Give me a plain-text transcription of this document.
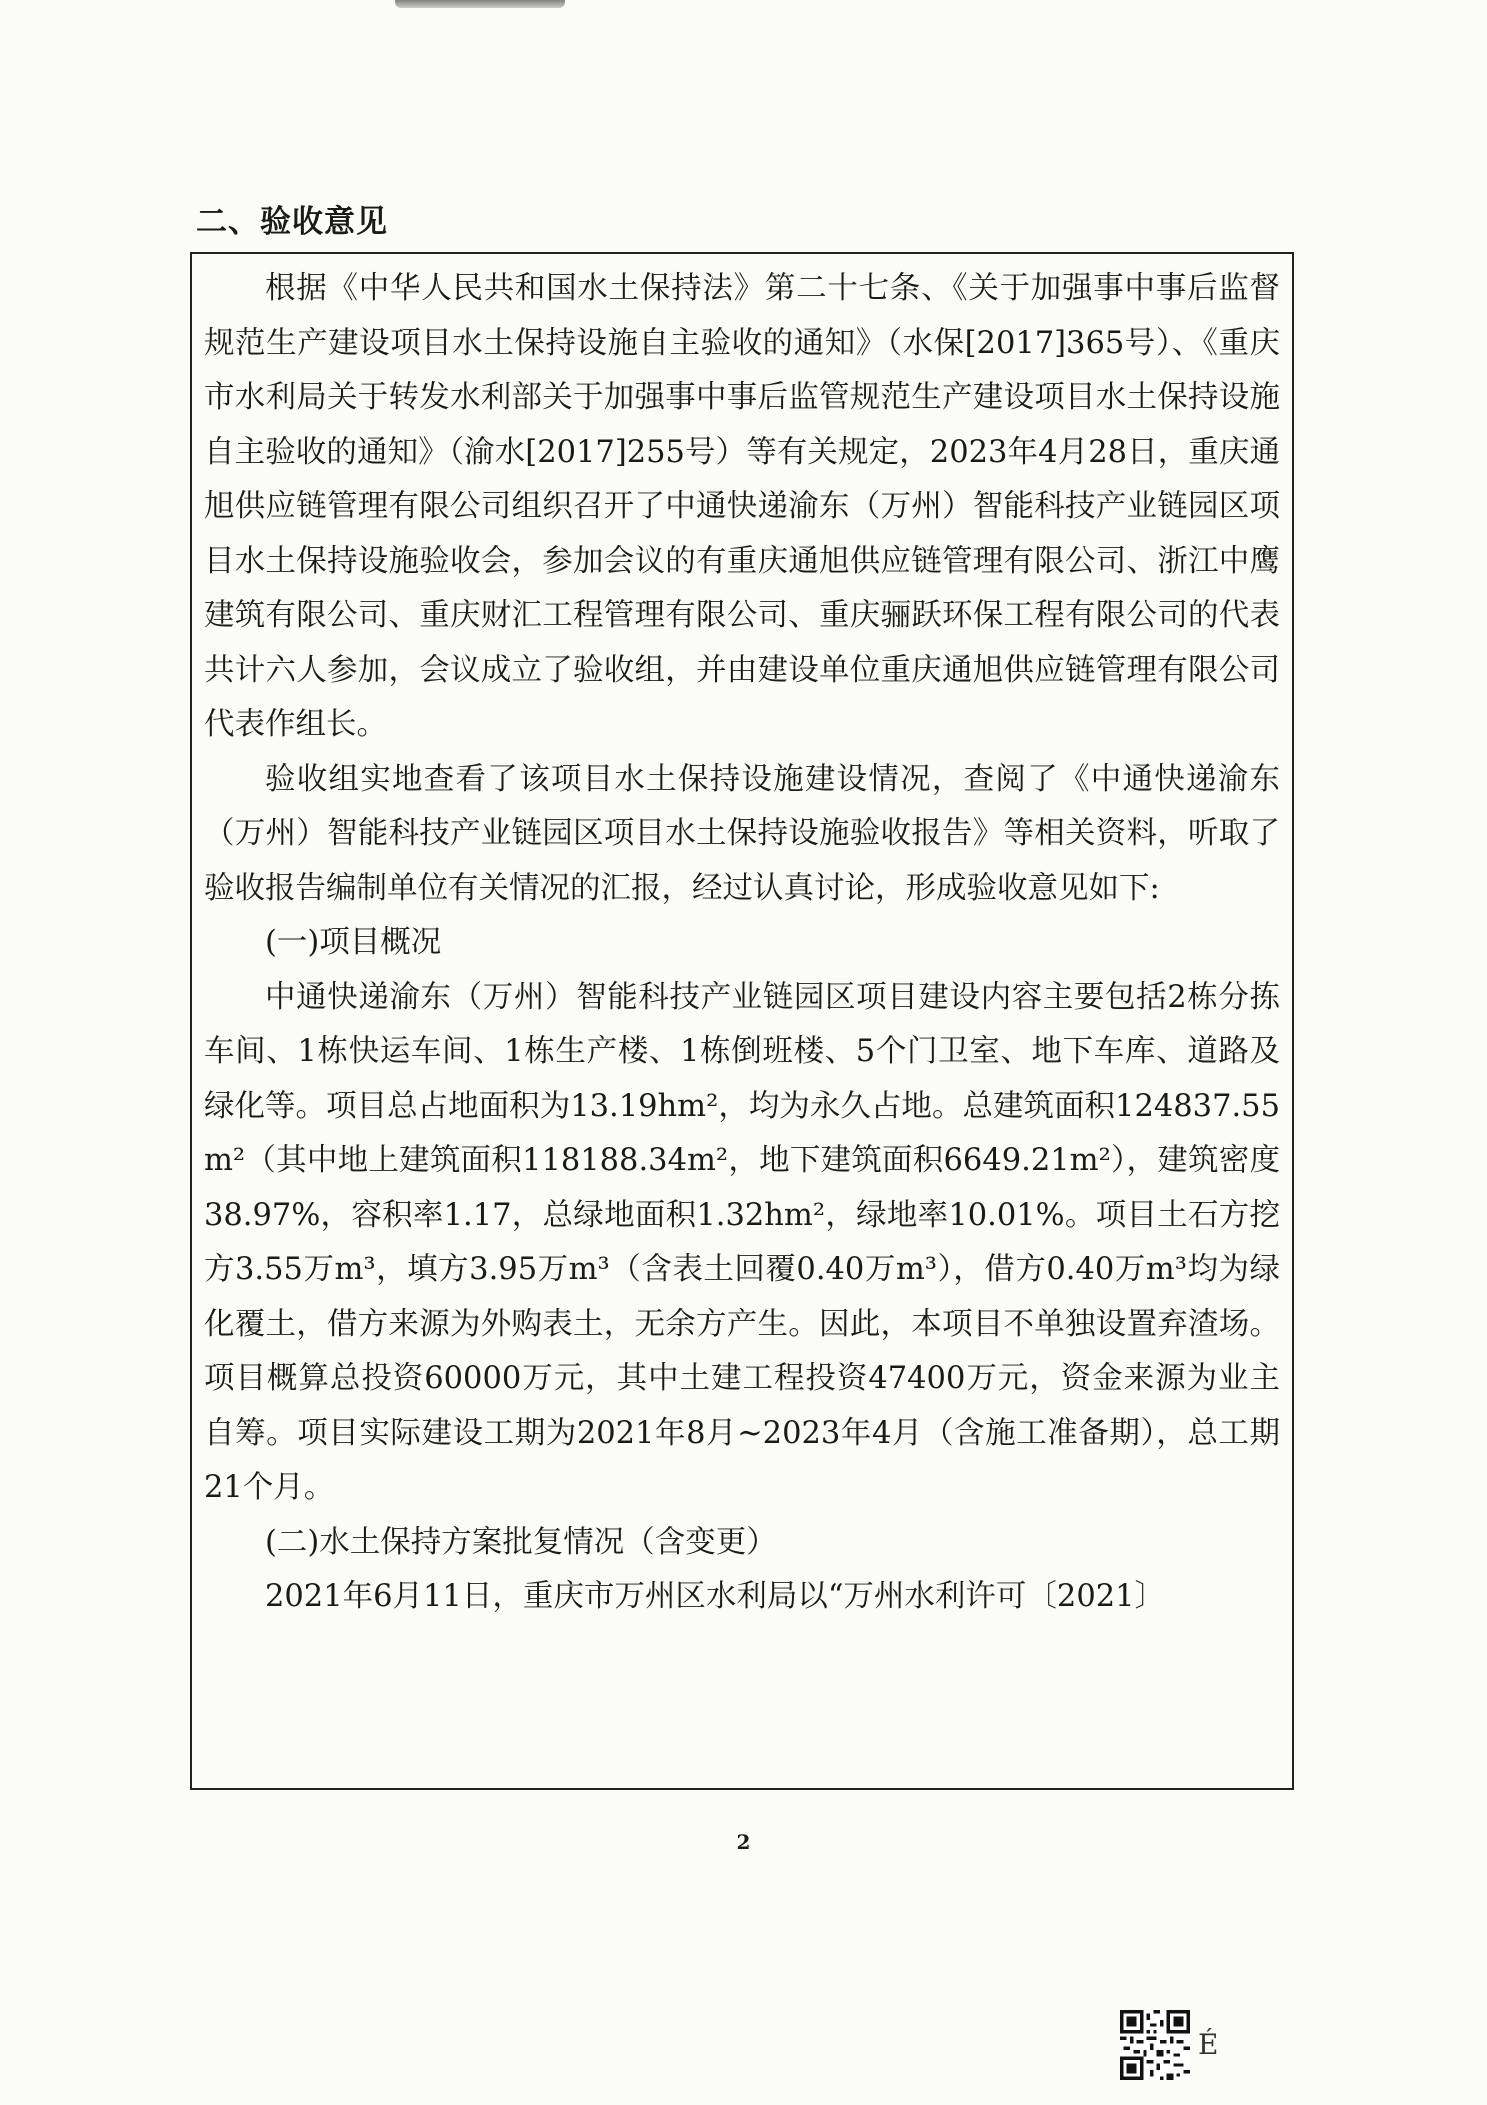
二、验收意见

根据《中华人民共和国水土保持法》第二十七条、《关于加强事中事后监督规范生产建设项目水土保持设施自主验收的通知》（水保[2017]365号）、《重庆市水利局关于转发水利部关于加强事中事后监管规范生产建设项目水土保持设施自主验收的通知》（渝水[2017]255号）等有关规定，2023年4月28日，重庆通旭供应链管理有限公司组织召开了中通快递渝东（万州）智能科技产业链园区项目水土保持设施验收会，参加会议的有重庆通旭供应链管理有限公司、浙江中鹰建筑有限公司、重庆财汇工程管理有限公司、重庆骊跃环保工程有限公司的代表共计六人参加，会议成立了验收组，并由建设单位重庆通旭供应链管理有限公司代表作组长。

验收组实地查看了该项目水土保持设施建设情况，查阅了《中通快递渝东（万州）智能科技产业链园区项目水土保持设施验收报告》等相关资料，听取了验收报告编制单位有关情况的汇报，经过认真讨论，形成验收意见如下:

(一)项目概况

中通快递渝东（万州）智能科技产业链园区项目建设内容主要包括2栋分拣车间、1栋快运车间、1栋生产楼、1栋倒班楼、5个门卫室、地下车库、道路及绿化等。项目总占地面积为13.19hm²，均为永久占地。总建筑面积124837.55m²（其中地上建筑面积118188.34m²，地下建筑面积6649.21m²），建筑密度38.97%，容积率1.17，总绿地面积1.32hm²，绿地率10.01%。项目土石方挖方3.55万m³，填方3.95万m³（含表土回覆0.40万m³），借方0.40万m³均为绿化覆土，借方来源为外购表土，无余方产生。因此，本项目不单独设置弃渣场。项目概算总投资60000万元，其中土建工程投资47400万元，资金来源为业主自筹。项目实际建设工期为2021年8月~2023年4月（含施工准备期），总工期21个月。

(二)水土保持方案批复情况（含变更）

2021年6月11日，重庆市万州区水利局以“万州水利许可〔2021〕

2
É
